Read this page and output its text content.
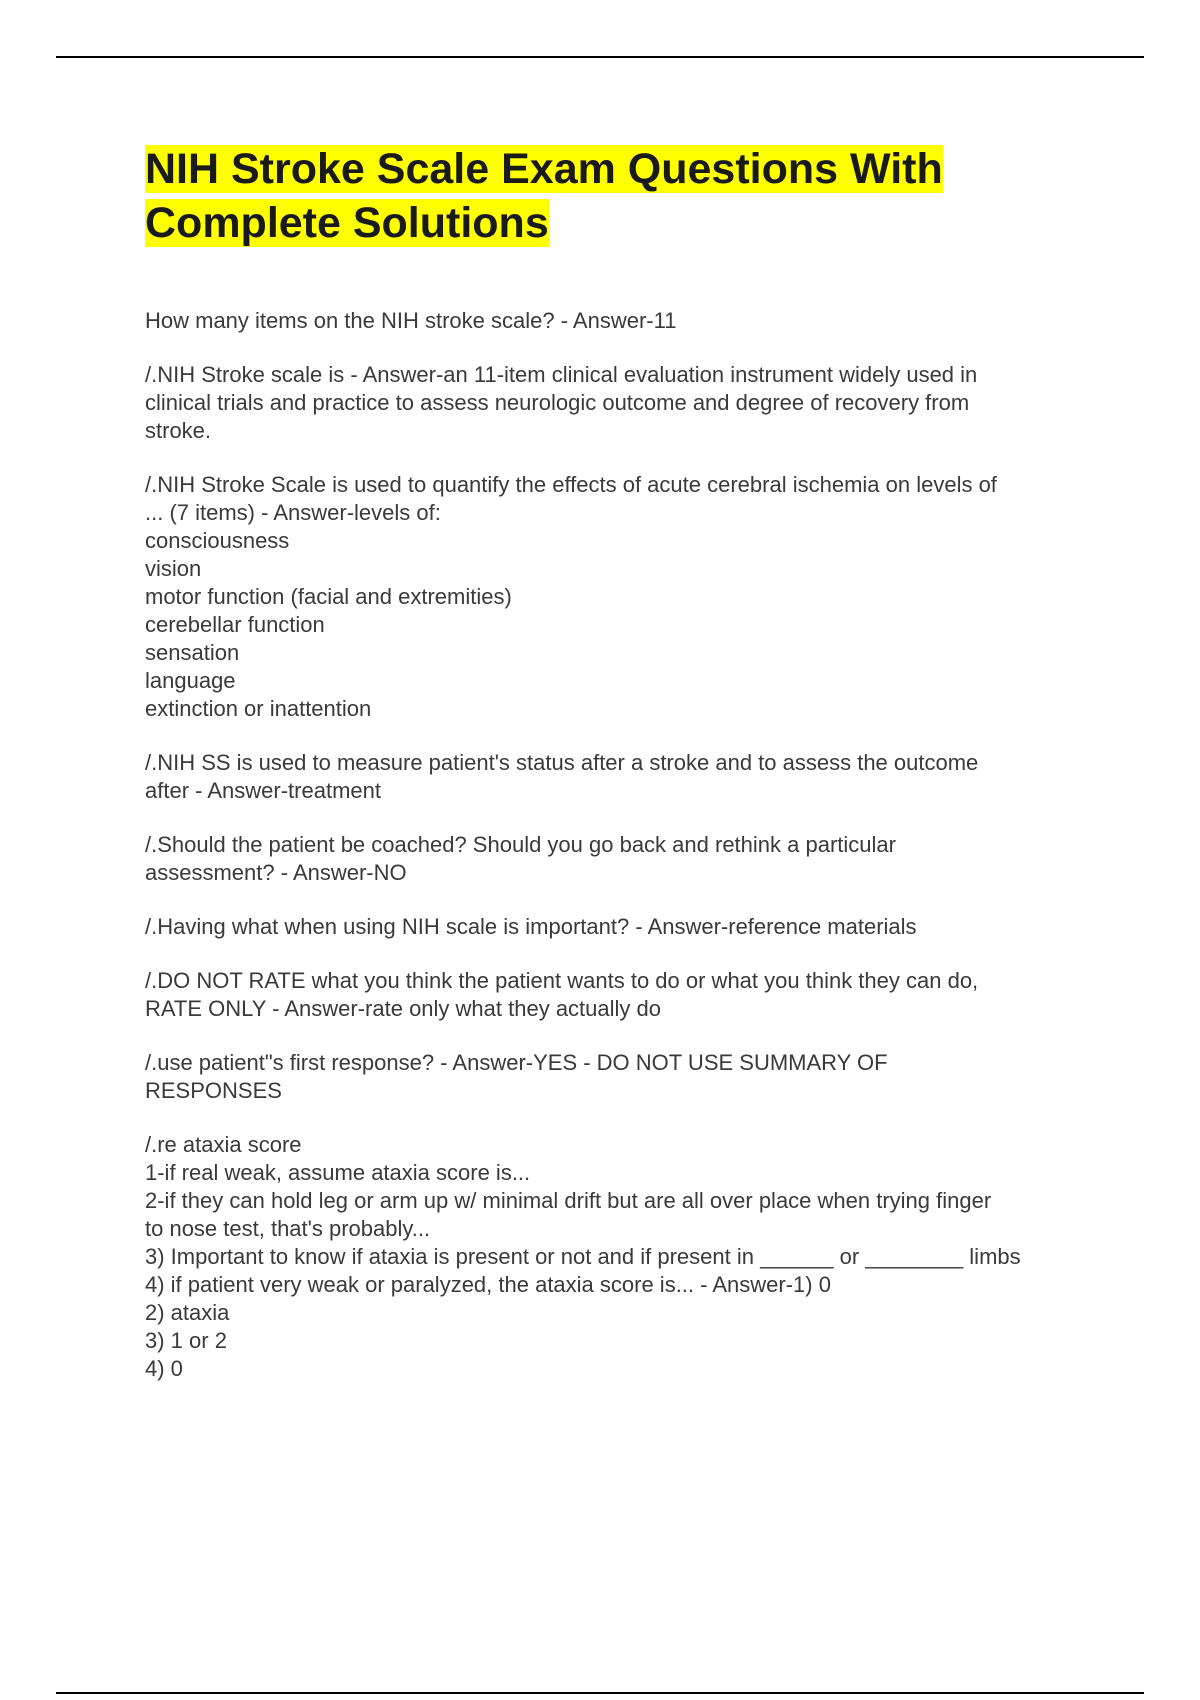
NIH Stroke Scale Exam Questions With
Complete Solutions

How many items on the NIH stroke scale? - Answer-11

/.NIH Stroke scale is - Answer-an 11-item clinical evaluation instrument widely used in
clinical trials and practice to assess neurologic outcome and degree of recovery from
stroke.

/.NIH Stroke Scale is used to quantify the effects of acute cerebral ischemia on levels of
... (7 items) - Answer-levels of:
consciousness
vision
motor function (facial and extremities)
cerebellar function
sensation
language
extinction or inattention

/.NIH SS is used to measure patient's status after a stroke and to assess the outcome
after - Answer-treatment

/.Should the patient be coached? Should you go back and rethink a particular
assessment? - Answer-NO

/.Having what when using NIH scale is important? - Answer-reference materials

/.DO NOT RATE what you think the patient wants to do or what you think they can do,
RATE ONLY - Answer-rate only what they actually do

/.use patient"s first response? - Answer-YES - DO NOT USE SUMMARY OF
RESPONSES

/.re ataxia score
1-if real weak, assume ataxia score is...
2-if they can hold leg or arm up w/ minimal drift but are all over place when trying finger
to nose test, that's probably...
3) Important to know if ataxia is present or not and if present in ______ or ________ limbs
4) if patient very weak or paralyzed, the ataxia score is... - Answer-1) 0
2) ataxia
3) 1 or 2
4) 0
